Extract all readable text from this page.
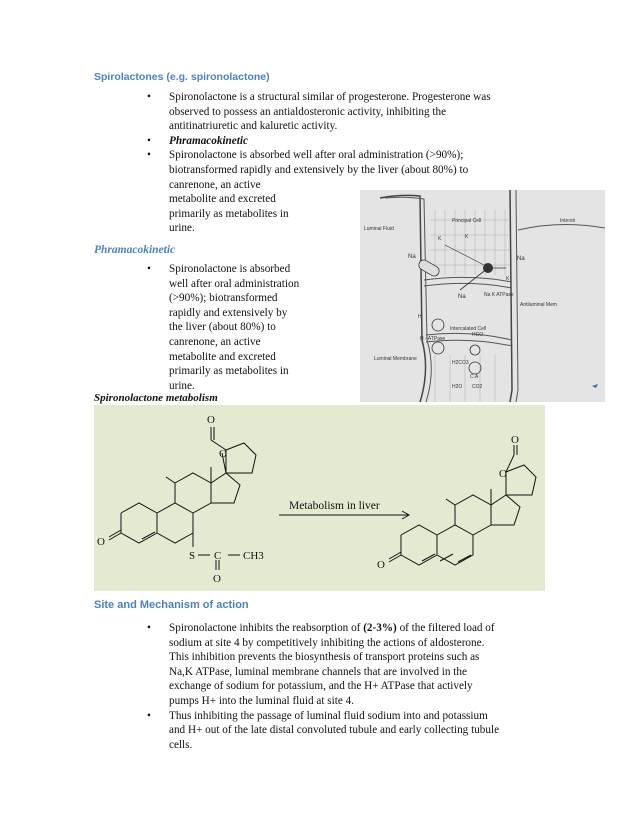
Spirolactones (e.g. spironolactone)
• Spironolactone is a structural similar of progesterone. Progesterone was
observed to possess an antialdosteronic activity, inhibiting the
antitinatriuretic and kaluretic activity.
• Phramacokinetic
• Spironolactone is absorbed well after oral administration (>90%);
biotransformed rapidly and extensively by the liver (about 80%) to
canrenone, an active
metabolite and excreted
primarily as metabolites in
urine.
Phramacokinetic
• Spironolactone is absorbed
well after oral administration
(>90%); biotransformed
rapidly and extensively by
the liver (about 80%) to
canrenone, an active
metabolite and excreted
primarily as metabolites in
urine.
Luminal Fluid
Principal Cell	Intersti
Na	Na
Na
K	K
K
Na K ATPase
Antiluminal Mem
Intercalated Cell
H
H - ATPase
HCO
Luminal Membrane
H2CO3
C.A
H2O CO2
Spironolactone metabolism
O
O
O
S C CH3
O
Metabolism in liver
O
O
O
Site and Mechanism of action
• Spironolactone inhibits the reabsorption of (2-3%) of the filtered load of
sodium at site 4 by competitively inhibiting the actions of aldosterone.
This inhibition prevents the biosynthesis of transport proteins such as
Na,K ATPase, luminal membrane channels that are involved in the
exchange of sodium for potassium, and the H+ ATPase that actively
pumps H+ into the luminal fluid at site 4.
• Thus inhibiting the passage of luminal fluid sodium into and potassium
and H+ out of the late distal convoluted tubule and early collecting tubule
cells.
